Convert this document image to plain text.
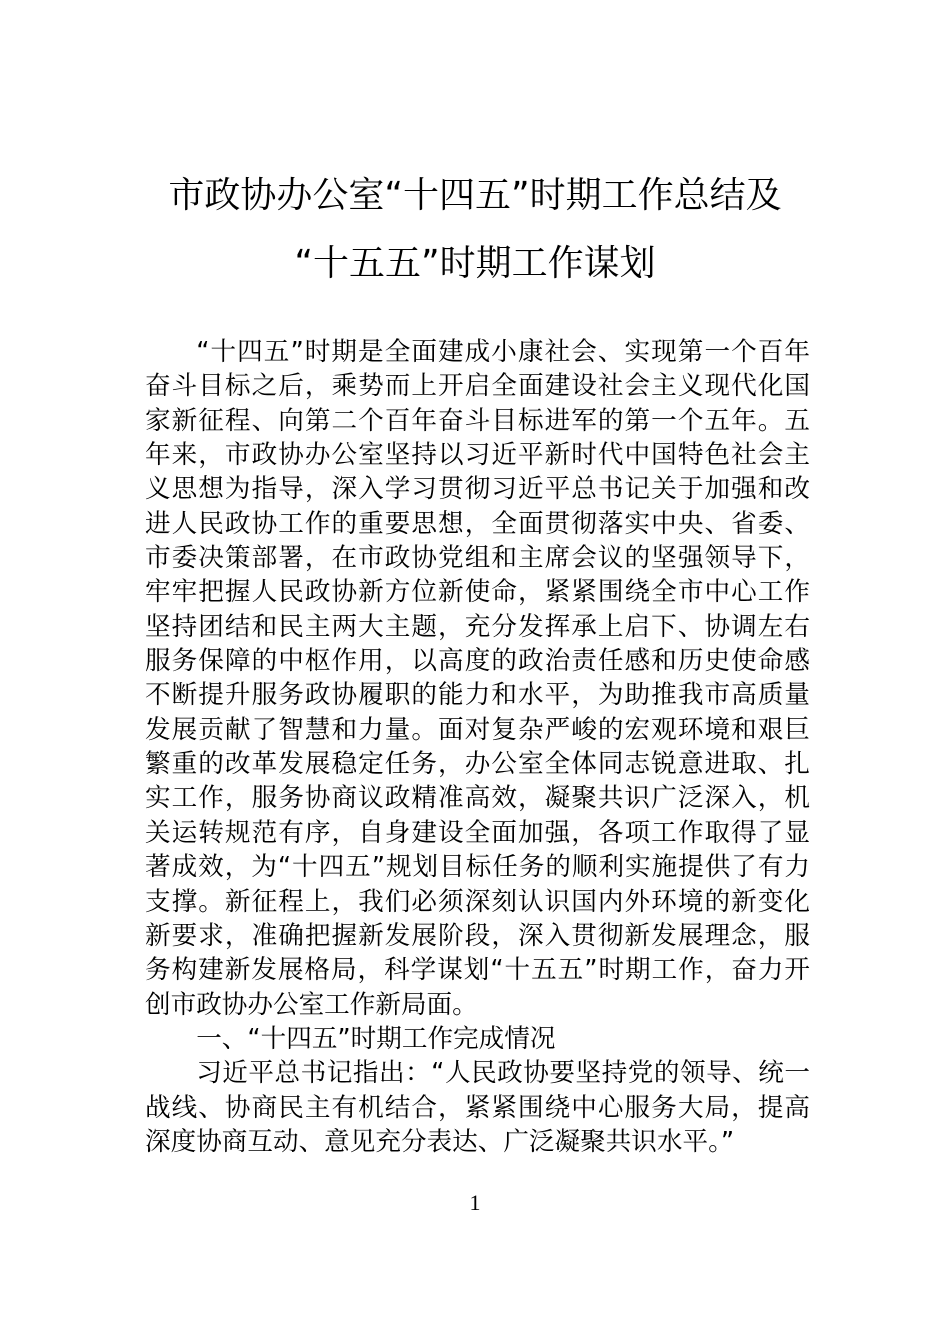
市政协办公室“十四五”时期工作总结及
“十五五”时期工作谋划

“十四五”时期是全面建成小康社会、实现第一个百年奋斗目标之后，乘势而上开启全面建设社会主义现代化国家新征程、向第二个百年奋斗目标进军的第一个五年。五年来，市政协办公室坚持以习近平新时代中国特色社会主义思想为指导，深入学习贯彻习近平总书记关于加强和改进人民政协工作的重要思想，全面贯彻落实中央、省委、市委决策部署，在市政协党组和主席会议的坚强领导下，牢牢把握人民政协新方位新使命，紧紧围绕全市中心工作坚持团结和民主两大主题，充分发挥承上启下、协调左右服务保障的中枢作用，以高度的政治责任感和历史使命感不断提升服务政协履职的能力和水平，为助推我市高质量发展贡献了智慧和力量。面对复杂严峻的宏观环境和艰巨繁重的改革发展稳定任务，办公室全体同志锐意进取、扎实工作，服务协商议政精准高效，凝聚共识广泛深入，机关运转规范有序，自身建设全面加强，各项工作取得了显著成效，为“十四五”规划目标任务的顺利实施提供了有力支撑。新征程上，我们必须深刻认识国内外环境的新变化新要求，准确把握新发展阶段，深入贯彻新发展理念，服务构建新发展格局，科学谋划“十五五”时期工作，奋力开创市政协办公室工作新局面。

一、“十四五”时期工作完成情况

习近平总书记指出：“人民政协要坚持党的领导、统一战线、协商民主有机结合，紧紧围绕中心服务大局，提高深度协商互动、意见充分表达、广泛凝聚共识水平。”

1
